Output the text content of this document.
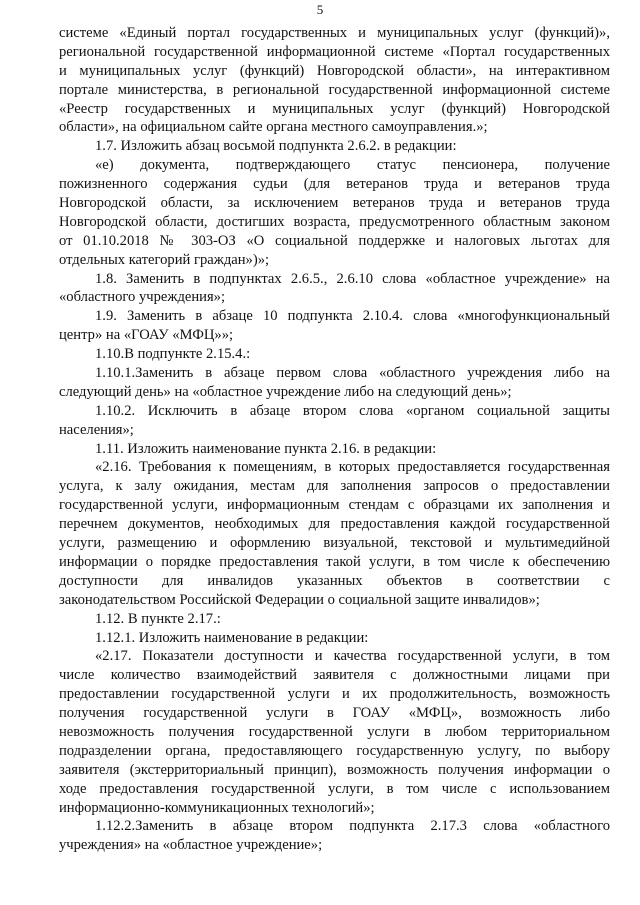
5
системе «Единый портал государственных и муниципальных услуг (функций)»,
региональной государственной информационной системе «Портал государственных
и муниципальных услуг (функций) Новгородской области», на интерактивном
портале министерства, в региональной государственной информационной системе
«Реестр государственных и муниципальных услуг (функций) Новгородской
области», на официальном сайте органа местного самоуправления.»;
1.7. Изложить абзац восьмой подпункта 2.6.2. в редакции:
«е) документа, подтверждающего статус пенсионера, получение
пожизненного содержания судьи (для ветеранов труда и ветеранов труда
Новгородской области, за исключением ветеранов труда и ветеранов труда
Новгородской области, достигших возраста, предусмотренного областным законом
от 01.10.2018 № 303-ОЗ «О социальной поддержке и налоговых льготах для
отдельных категорий граждан»)»;
1.8. Заменить в подпунктах 2.6.5., 2.6.10 слова «областное учреждение» на
«областного учреждения»;
1.9. Заменить в абзаце 10 подпункта 2.10.4. слова «многофункциональный
центр» на «ГОАУ «МФЦ»»;
1.10.В подпункте 2.15.4.:
1.10.1.Заменить в абзаце первом слова «областного учреждения либо на
следующий день» на «областное учреждение либо на следующий день»;
1.10.2. Исключить в абзаце втором слова «органом социальной защиты
населения»;
1.11. Изложить наименование пункта 2.16. в редакции:
«2.16. Требования к помещениям, в которых предоставляется государственная
услуга, к залу ожидания, местам для заполнения запросов о предоставлении
государственной услуги, информационным стендам с образцами их заполнения и
перечнем документов, необходимых для предоставления каждой государственной
услуги, размещению и оформлению визуальной, текстовой и мультимедийной
информации о порядке предоставления такой услуги, в том числе к обеспечению
доступности для инвалидов указанных объектов в соответствии с
законодательством Российской Федерации о социальной защите инвалидов»;
1.12. В пункте 2.17.:
1.12.1. Изложить наименование в редакции:
«2.17. Показатели доступности и качества государственной услуги, в том
числе количество взаимодействий заявителя с должностными лицами при
предоставлении государственной услуги и их продолжительность, возможность
получения государственной услуги в ГОАУ «МФЦ», возможность либо
невозможность получения государственной услуги в любом территориальном
подразделении органа, предоставляющего государственную услугу, по выбору
заявителя (экстерриториальный принцип), возможность получения информации о
ходе предоставления государственной услуги, в том числе с использованием
информационно-коммуникационных технологий»;
1.12.2.Заменить в абзаце втором подпункта 2.17.3 слова «областного
учреждения» на «областное учреждение»;
